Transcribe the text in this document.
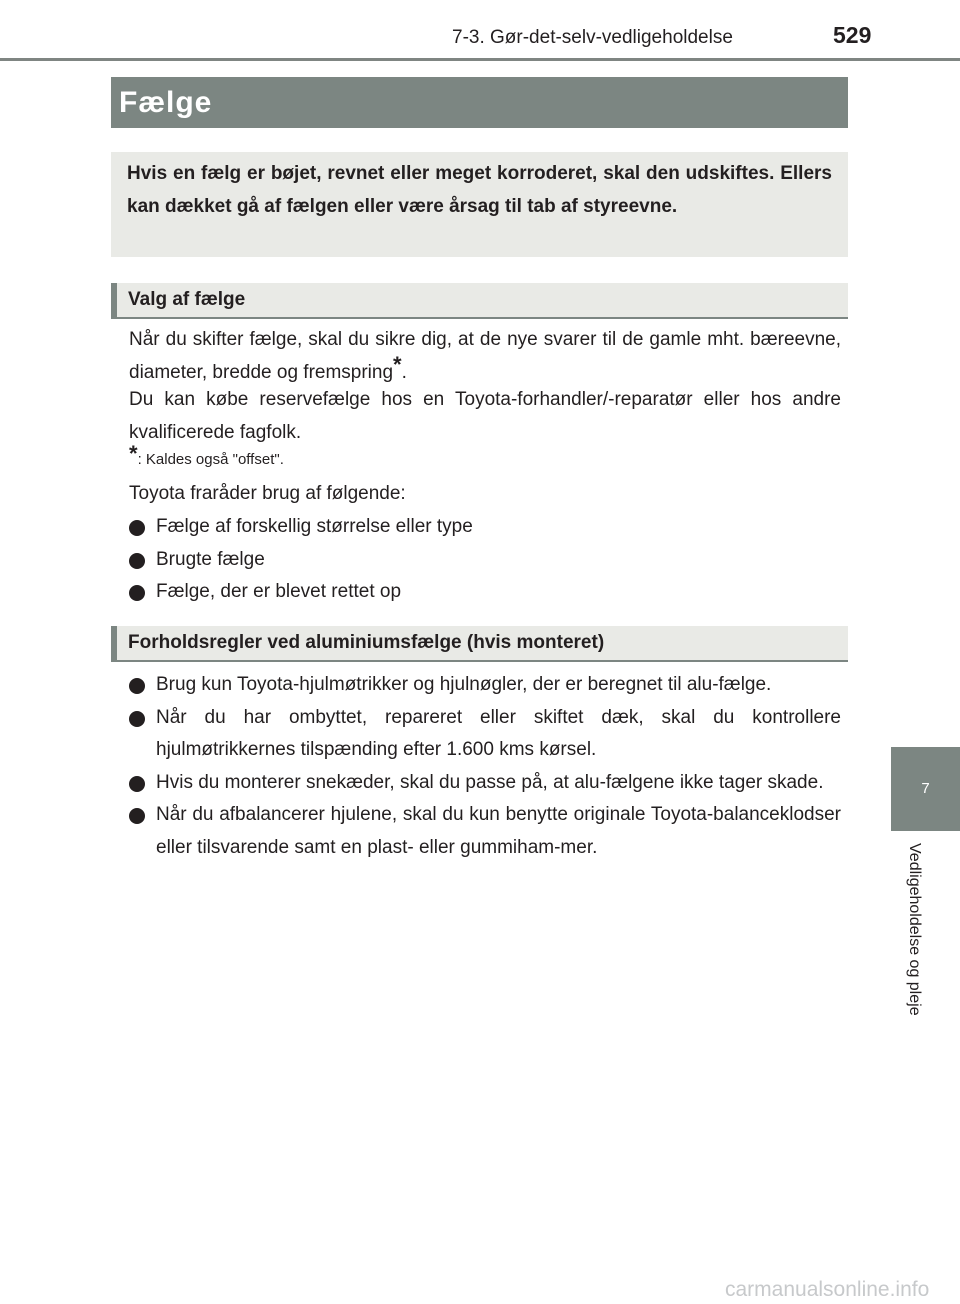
7-3. Gør-det-selv-vedligeholdelse	529
Fælge
Hvis en fælg er bøjet, revnet eller meget korroderet, skal den udskiftes. Ellers kan dækket gå af fælgen eller være årsag til tab af styreevne.
Valg af fælge
Når du skifter fælge, skal du sikre dig, at de nye svarer til de gamle mht. bæreevne, diameter, bredde og fremspring*.
Du kan købe reservefælge hos en Toyota-forhandler/-reparatør eller hos andre kvalificerede fagfolk.
*: Kaldes også "offset".
Toyota fraråder brug af følgende:
Fælge af forskellig størrelse eller type
Brugte fælge
Fælge, der er blevet rettet op
Forholdsregler ved aluminiumsfælge (hvis monteret)
Brug kun Toyota-hjulmøtrikker og hjulnøgler, der er beregnet til alu-fælge.
Når du har ombyttet, repareret eller skiftet dæk, skal du kontrollere hjulmøtrikkernes tilspænding efter 1.600 kms kørsel.
Hvis du monterer snekæder, skal du passe på, at alu-fælgene ikke tager skade.
Når du afbalancerer hjulene, skal du kun benytte originale Toyota-balanceklodser eller tilsvarende samt en plast- eller gummiham-mer.
7
Vedligeholdelse og pleje
carmanualsonline.info
